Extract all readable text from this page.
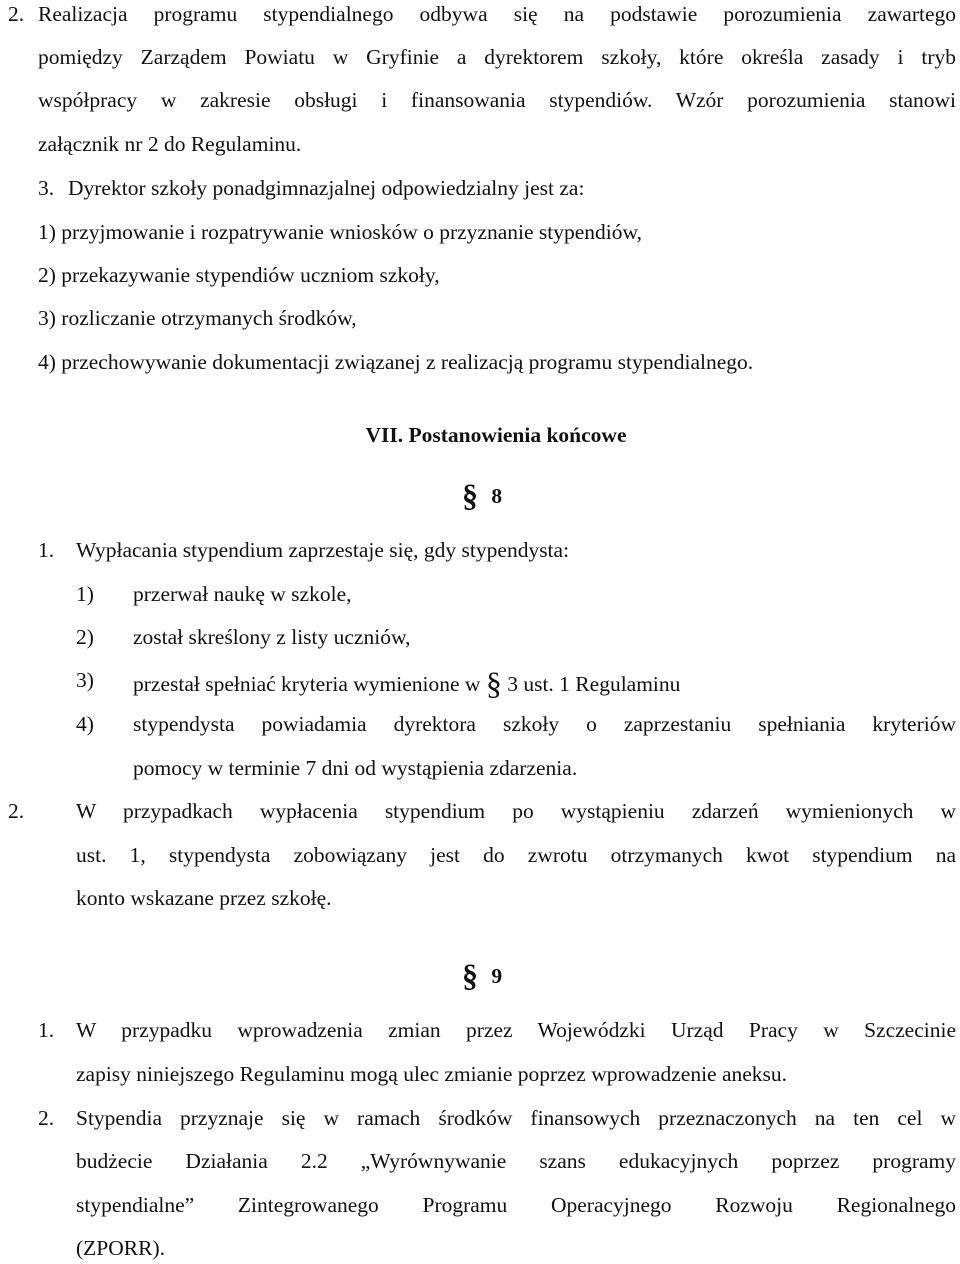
2. Realizacja programu stypendialnego odbywa się na podstawie porozumienia zawartego
pomiędzy Zarządem Powiatu w Gryfinie a dyrektorem szkoły, które określa zasady i tryb
współpracy w zakresie obsługi i finansowania stypendiów. Wzór porozumienia stanowi
załącznik nr 2 do Regulaminu.
3. Dyrektor szkoły ponadgimnazjalnej odpowiedzialny jest za:
1) przyjmowanie i rozpatrywanie wniosków o przyznanie stypendiów,
2) przekazywanie stypendiów uczniom szkoły,
3) rozliczanie otrzymanych środków,
4) przechowywanie dokumentacji związanej z realizacją programu stypendialnego.
VII. Postanowienia końcowe
§ 8
1. Wypłacania stypendium zaprzestaje się, gdy stypendysta:
1) przerwał naukę w szkole,
2) został skreślony z listy uczniów,
3) przestał spełniać kryteria wymienione w § 3 ust. 1 Regulaminu
4) stypendysta powiadamia dyrektora szkoły o zaprzestaniu spełniania kryteriów
pomocy w terminie 7 dni od wystąpienia zdarzenia.
2. W przypadkach wypłacenia stypendium po wystąpieniu zdarzeń wymienionych w
ust. 1, stypendysta zobowiązany jest do zwrotu otrzymanych kwot stypendium na
konto wskazane przez szkołę.
§ 9
1. W przypadku wprowadzenia zmian przez Wojewódzki Urząd Pracy w Szczecinie
zapisy niniejszego Regulaminu mogą ulec zmianie poprzez wprowadzenie aneksu.
2. Stypendia przyznaje się w ramach środków finansowych przeznaczonych na ten cel w
budżecie Działania 2.2 „Wyrównywanie szans edukacyjnych poprzez programy
stypendialne” Zintegrowanego Programu Operacyjnego Rozwoju Regionalnego
(ZPORR).
